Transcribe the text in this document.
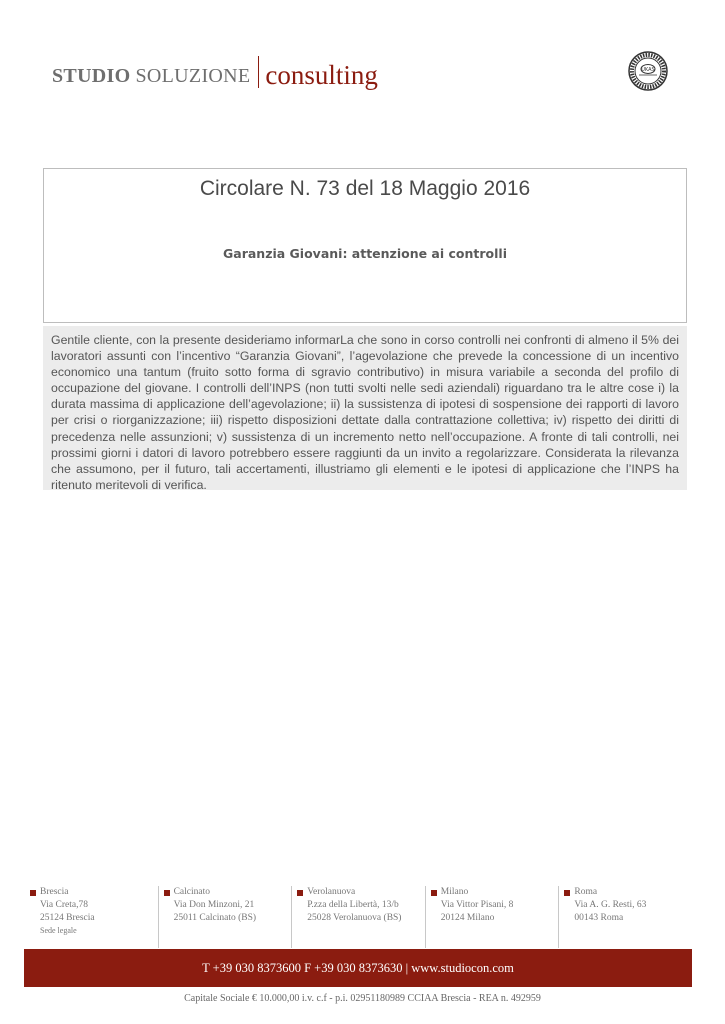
STUDIO SOLUZIONE consulting	UKAS
Circolare N. 73 del 18 Maggio 2016
Garanzia Giovani: attenzione ai controlli
Gentile cliente, con la presente desideriamo informarLa che sono in corso controlli nei confronti di almeno il 5% dei lavoratori assunti con l’incentivo “Garanzia Giovani”, l’agevolazione che prevede la concessione di un incentivo economico una tantum (fruito sotto forma di sgravio contributivo) in misura variabile a seconda del profilo di occupazione del giovane. I controlli dell’INPS (non tutti svolti nelle sedi aziendali) riguardano tra le altre cose i) la durata massima di applicazione dell’agevolazione; ii) la sussistenza di ipotesi di sospensione dei rapporti di lavoro per crisi o riorganizzazione; iii) rispetto disposizioni dettate dalla contrattazione collettiva; iv) rispetto dei diritti di precedenza nelle assunzioni; v) sussistenza di un incremento netto nell’occupazione. A fronte di tali controlli, nei prossimi giorni i datori di lavoro potrebbero essere raggiunti da un invito a regolarizzare. Considerata la rilevanza che assumono, per il futuro, tali accertamenti, illustriamo gli elementi e le ipotesi di applicazione che l’INPS ha ritenuto meritevoli di verifica.
Brescia
Via Creta,78
25124 Brescia
Sede legale
Calcinato
Via Don Minzoni, 21
25011 Calcinato (BS)
Verolanuova
P.zza della Libertà, 13/b
25028 Verolanuova (BS)
Milano
Via Vittor Pisani, 8
20124 Milano
Roma
Via A. G. Resti, 63
00143 Roma
T +39 030 8373600 F +39 030 8373630 | www.studiocon.com
Capitale Sociale € 10.000,00 i.v. c.f - p.i. 02951180989 CCIAA Brescia - REA n. 492959
